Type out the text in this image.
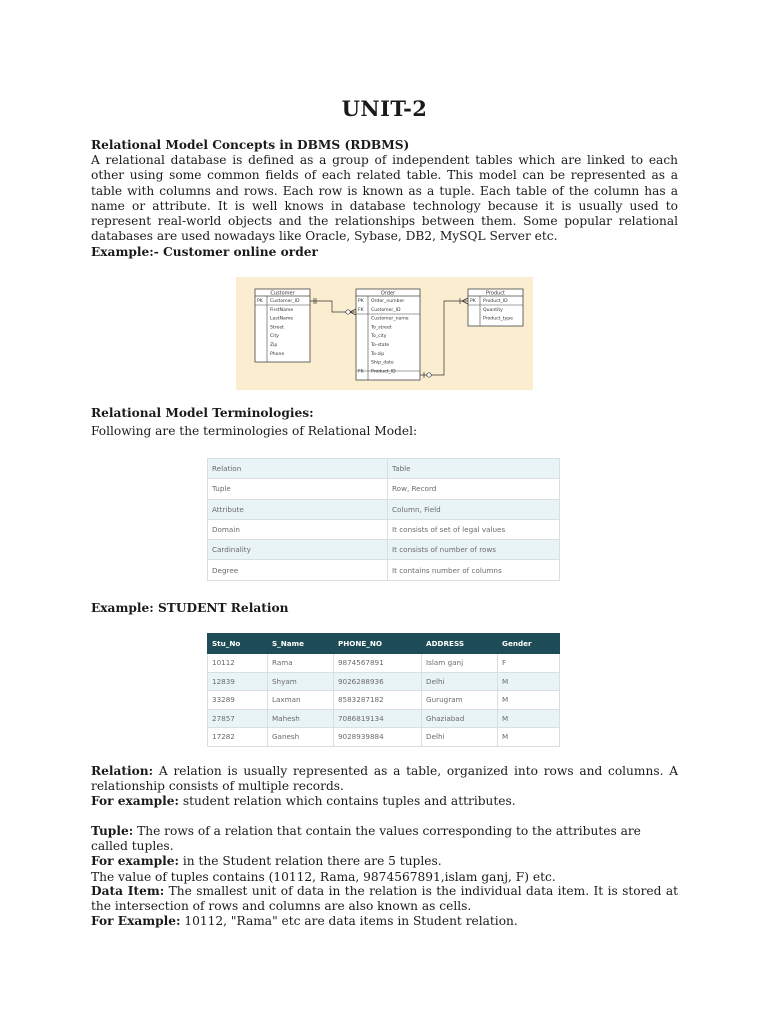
UNIT-2

Relational Model Concepts in DBMS (RDBMS)

A relational database is defined as a group of independent tables which are linked to each other using some common fields of each related table. This model can be represented as a table with columns and rows. Each row is known as a tuple. Each table of the column has a name or attribute. It is well knows in database technology because it is usually used to represent real-world objects and the relationships between them. Some popular relational databases are used nowadays like Oracle, Sybase, DB2, MySQL Server etc.

Example:- Customer online order
Relational Model Terminologies:
Following are the terminologies of Relational Model:
Example: STUDENT Relation

Relation: A relation is usually represented as a table, organized into rows and columns. A relationship consists of multiple records.

For example: student relation which contains tuples and attributes.

Tuple: The rows of a relation that contain the values corresponding to the attributes are called tuples.

For example: in the Student relation there are 5 tuples.

The value of tuples contains (10112, Rama, 9874567891,islam ganj, F) etc.

Data Item: The smallest unit of data in the relation is the individual data item. It is stored at the intersection of rows and columns are also known as cells.

For Example: 10112, "Rama" etc are data items in Student relation.

Customer
PK Customer_ID
FirstName
LastName
Street
City
Zip
Phone
Order
PK Order_number
FK Customer_ID
Customer_name
To_street
To_city
To-state
To-zip
Ship_date
FK Product_ID
Product
PK Product_ID
Quantity
Product_type
Relation	Table
Tuple	Row, Record
Attribute	Column, Field
Domain	It consists of set of legal values
Cardinality	It consists of number of rows
Degree	It contains number of columns
Stu_No	S_Name	PHONE_NO	ADDRESS	Gender
10112	Rama	9874567891	Islam ganj	F
12839	Shyam	9026288936	Delhi	M
33289	Laxman	8583287182	Gurugram	M
27857	Mahesh	7086819134	Ghaziabad	M
17282	Ganesh	9028939884	Delhi	M
